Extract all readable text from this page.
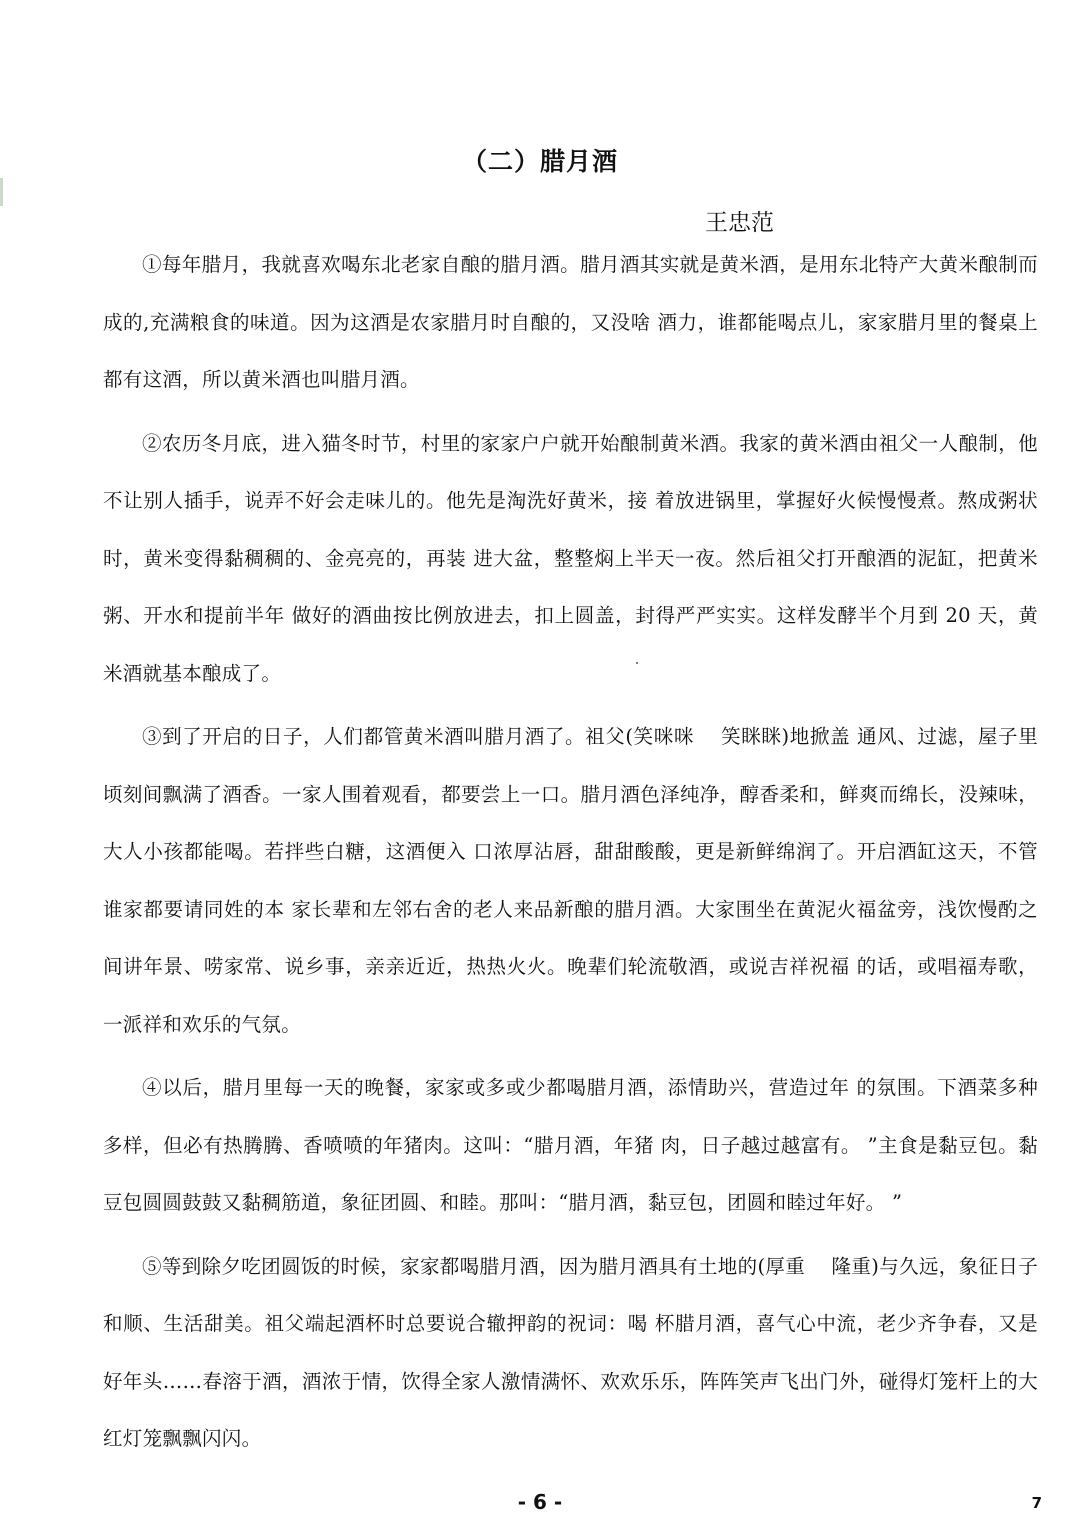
（二）腊月酒
王忠范

①每年腊月，我就喜欢喝东北老家自酿的腊月酒。腊月酒其实就是黄米酒，是用东北特产大黄米酿制而成的,充满粮食的味道。因为这酒是农家腊月时自酿的，又没啥 酒力，谁都能喝点儿，家家腊月里的餐桌上都有这酒，所以黄米酒也叫腊月酒。

②农历冬月底，进入猫冬时节，村里的家家户户就开始酿制黄米酒。我家的黄米酒由祖父一人酿制，他不让别人插手，说弄不好会走味儿的。他先是淘洗好黄米，接 着放进锅里，掌握好火候慢慢煮。熬成粥状时，黄米变得黏稠稠的、金亮亮的，再装 进大盆，整整焖上半天一夜。然后祖父打开酿酒的泥缸，把黄米粥、开水和提前半年 做好的酒曲按比例放进去，扣上圆盖，封得严严实实。这样发酵半个月到 20 天，黄米酒就基本酿成了。

③到了开启的日子，人们都管黄米酒叫腊月酒了。祖父(笑咪咪　 笑眯眯)地掀盖 通风、过滤，屋子里顷刻间飘满了酒香。一家人围着观看，都要尝上一口。腊月酒色泽纯净，醇香柔和，鲜爽而绵长，没辣味，大人小孩都能喝。若拌些白糖，这酒便入 口浓厚沾唇，甜甜酸酸，更是新鲜绵润了。开启酒缸这天，不管谁家都要请同姓的本 家长辈和左邻右舍的老人来品新酿的腊月酒。大家围坐在黄泥火福盆旁，浅饮慢酌之 间讲年景、唠家常、说乡事，亲亲近近，热热火火。晚辈们轮流敬酒，或说吉祥祝福 的话，或唱福寿歌，一派祥和欢乐的气氛。

④以后，腊月里每一天的晚餐，家家或多或少都喝腊月酒，添情助兴，营造过年 的氛围。下酒菜多种多样，但必有热腾腾、香喷喷的年猪肉。这叫：“腊月酒，年猪 肉，日子越过越富有。 ”主食是黏豆包。黏豆包圆圆鼓鼓又黏稠筋道，象征团圆、和睦。那叫：“腊月酒，黏豆包，团圆和睦过年好。 ”

⑤等到除夕吃团圆饭的时候，家家都喝腊月酒，因为腊月酒具有土地的(厚重　 隆重)与久远，象征日子和顺、生活甜美。祖父端起酒杯时总要说合辙押韵的祝词：喝 杯腊月酒，喜气心中流，老少齐争春，又是好年头……春溶于酒，酒浓于情，饮得全家人激情满怀、欢欢乐乐，阵阵笑声飞出门外，碰得灯笼杆上的大红灯笼飘飘闪闪。

- 6 -	7
